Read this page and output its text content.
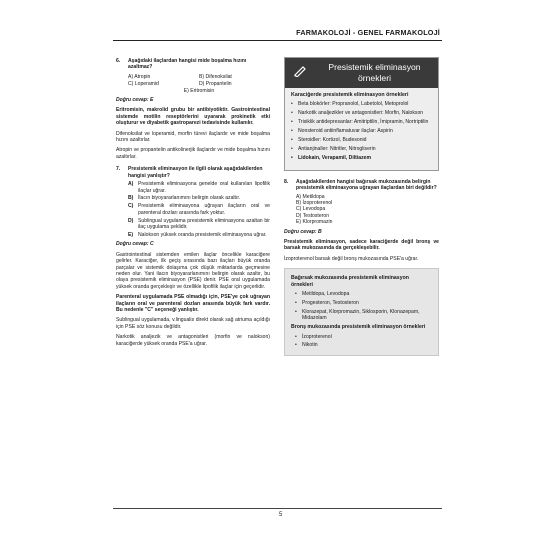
FARMAKOLOJİ - GENEL FARMAKOLOJİ
6.	Aşağıdaki ilaçlardan hangisi mide boşalma hızını azaltmaz?
A) Atropin	B) Difenoksilat
C) Loperamid	D) Propantelin
E) Eritromisin
Doğru cevap: E
Eritromisin, makrolid grubu bir antibiyotiktir. Gastrointestinal sistemde motilin reseptörlerini uyararak prokinetik etki oluşturur ve diyabetik gastroparezi tedavisinde kullanılır.
Difenoksilat ve loperamid, morfin türevi ilaçlardır ve mide boşalma hızını azaltırlar.
Atropin ve propantelin antikolinerjik ilaçlardır ve mide boşalma hızını azaltırlar.
7.	Presistemik eliminasyon ile ilgili olarak aşağıdakilerden hangisi yanlıştır?
A) Presistemik eliminasyona genelde oral kullanılan lipofilik ilaçlar uğrar.
B) İlacın biyoyararlanımını belirgin olarak azaltır.
C) Presistemik eliminasyona uğrayan ilaçların oral ve parenteral dozları arasında fark yoktur.
D) Sublingual uygulama presistemik eliminasyonu azaltan bir ilaç uygulama şeklidir.
E) Nalokson yüksek oranda presistemik eliminasyona uğrar.
Doğru cevap: C
Gastrointestinal sistemden emilen ilaçlar öncelikle karaciğere gelirler. Karaciğer, ilk geçiş sırasında bazı ilaçları büyük oranda parçalar ve sistemik dolaşıma çok düşük miktarlarda geçmesine neden olur. Yani ilacın biyoyararlanımını belirgin olarak azaltır, bu olaya presistemik eliminasyon (PSE) denir. PSE oral uygulamada yüksek oranda gerçekleşir ve özellikle lipofilik ilaçlar için geçerlidir.
Parenteral uygulamada PSE olmadığı için, PSE'ye çok uğrayan ilaçların oral ve parenteral dozları arasında büyük fark vardır. Bu nedenle "C" seçeneği yanlıştır.
Sublingual uygulamada, v.lingualis direkt olarak sağ atriuma açıldığı için PSE söz konusu değildir.
Narkotik analjezik ve antagonistleri (morfin ve nalokson) karaciğerde yüksek oranda PSE'a uğrar.
Presistemik eliminasyon örnekleri
Karaciğerde presistemik eliminasyon örnekleri
•	Beta blokörler: Propranolol, Labetolol, Metoprolol
•	Narkotik analjezikler ve antagonistleri: Morfin, Nalokson
•	Trisiklik antidepresanlar: Amitriptilin, İmipramin, Nortriptilin
•	Nonsteroid antiinflamatuvar ilaçlar: Aspirin
•	Steroidler: Kortizol, Budesonid
•	Antianjinaller: Nitritler, Nitrogliserin
•	Lidokain, Verapamil, Diltiazem
8.	Aşağıdakilerden hangisi bağırsak mukozasında belirgin presistemik eliminasyona uğrayan ilaçlardan biri değildir?
A) Metildopa
B) İzoproterenol
C) Levodopa
D) Testosteron
E) Klorpromazin
Doğru cevap: B
Presistemik eliminasyon, sadece karaciğerde değil bronş ve barsak mukozasında da gerçekleşebilir.
İzoproterenol barsak değil bronş mukozasında PSE'a uğrar.
Bağırsak mukozasında presistemik eliminasyon örnekleri
•	Metildopa, Levodopa
•	Progesteron, Testosteron
•	Klorazepat, Klorpromazin, Siklosporin, Klonazepam, Midazolam
Bronş mukozasında presistemik eliminasyon örnekleri
•	İzoproterenol
•	Nikotin
5
